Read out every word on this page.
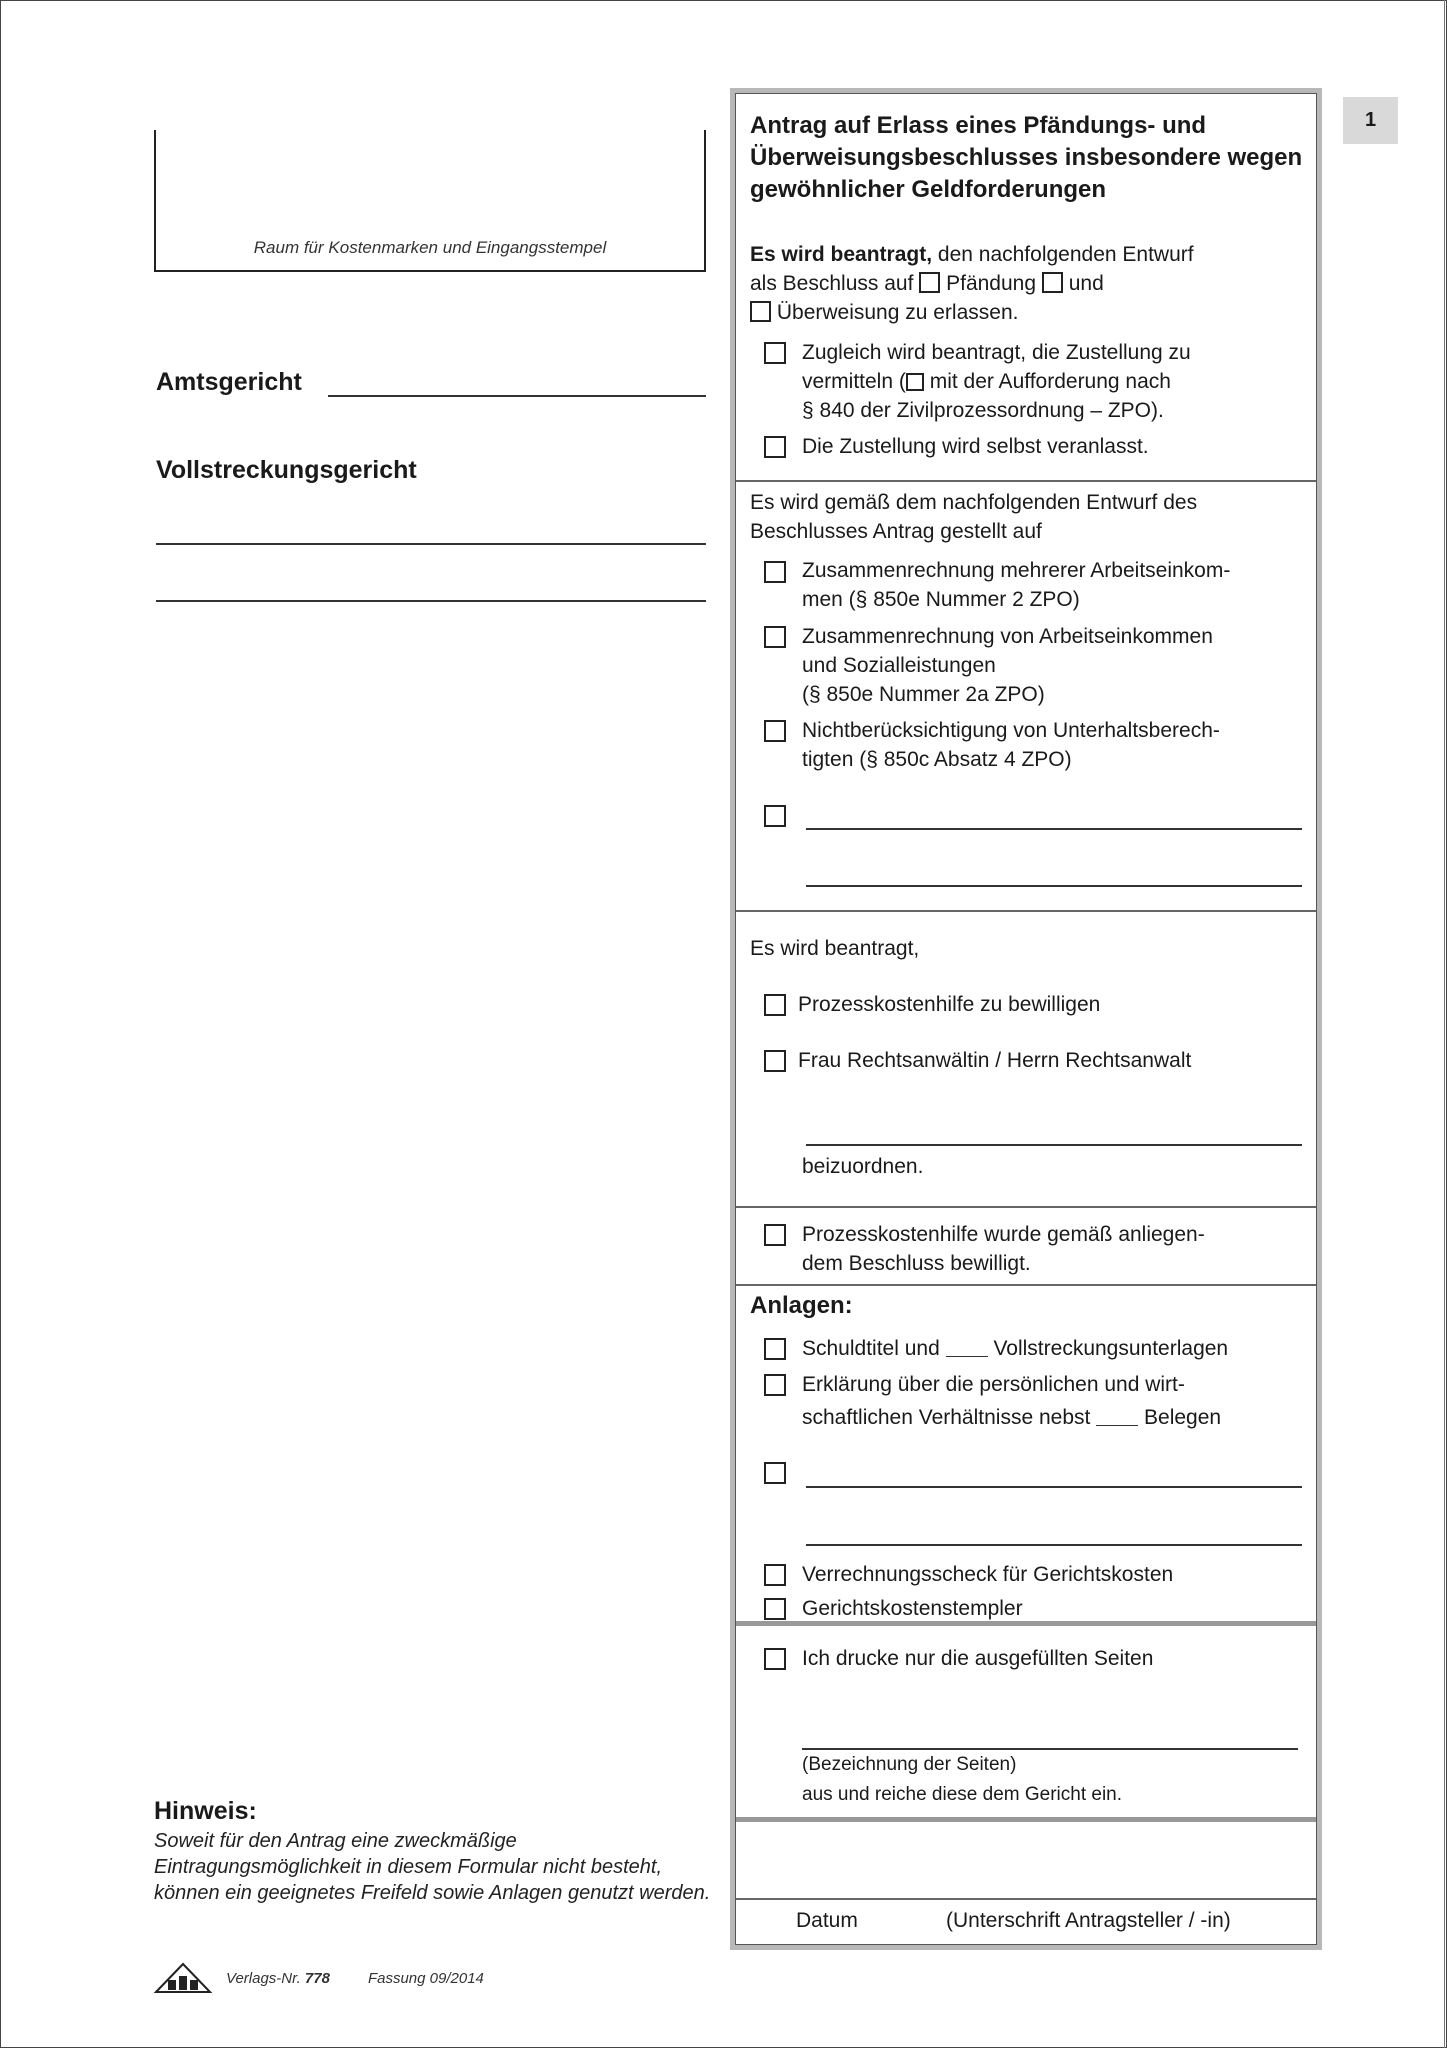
Raum für Kostenmarken und Eingangsstempel
Amtsgericht
Vollstreckungsgericht
Hinweis:
Soweit für den Antrag eine zweckmäßige Eintragungsmöglichkeit in diesem Formular nicht besteht, können ein geeignetes Freifeld sowie Anlagen genutzt werden.
Verlags-Nr. 778	Fassung 09/2014
1
Antrag auf Erlass eines Pfändungs- und Überweisungsbeschlusses insbesondere wegen gewöhnlicher Geldforderungen
Es wird beantragt, den nachfolgenden Entwurf
als Beschluss auf Pfändung und
Überweisung zu erlassen.
Zugleich wird beantragt, die Zustellung zu
vermitteln ( mit der Aufforderung nach
§ 840 der Zivilprozessordnung – ZPO).
Die Zustellung wird selbst veranlasst.
Es wird gemäß dem nachfolgenden Entwurf des
Beschlusses Antrag gestellt auf
Zusammenrechnung mehrerer Arbeitseinkom-
men (§ 850e Nummer 2 ZPO)
Zusammenrechnung von Arbeitseinkommen
und Sozialleistungen
(§ 850e Nummer 2a ZPO)
Nichtberücksichtigung von Unterhaltsberech-
tigten (§ 850c Absatz 4 ZPO)
Es wird beantragt,
Prozesskostenhilfe zu bewilligen
Frau Rechtsanwältin / Herrn Rechtsanwalt
beizuordnen.
Prozesskostenhilfe wurde gemäß anliegen-
dem Beschluss bewilligt.
Anlagen:
Schuldtitel und	Vollstreckungsunterlagen
Erklärung über die persönlichen und wirt-
schaftlichen Verhältnisse nebst	Belegen
Verrechnungsscheck für Gerichtskosten
Gerichtskostenstempler
Ich drucke nur die ausgefüllten Seiten
(Bezeichnung der Seiten)
aus und reiche diese dem Gericht ein.
Datum	(Unterschrift Antragsteller / -in)
